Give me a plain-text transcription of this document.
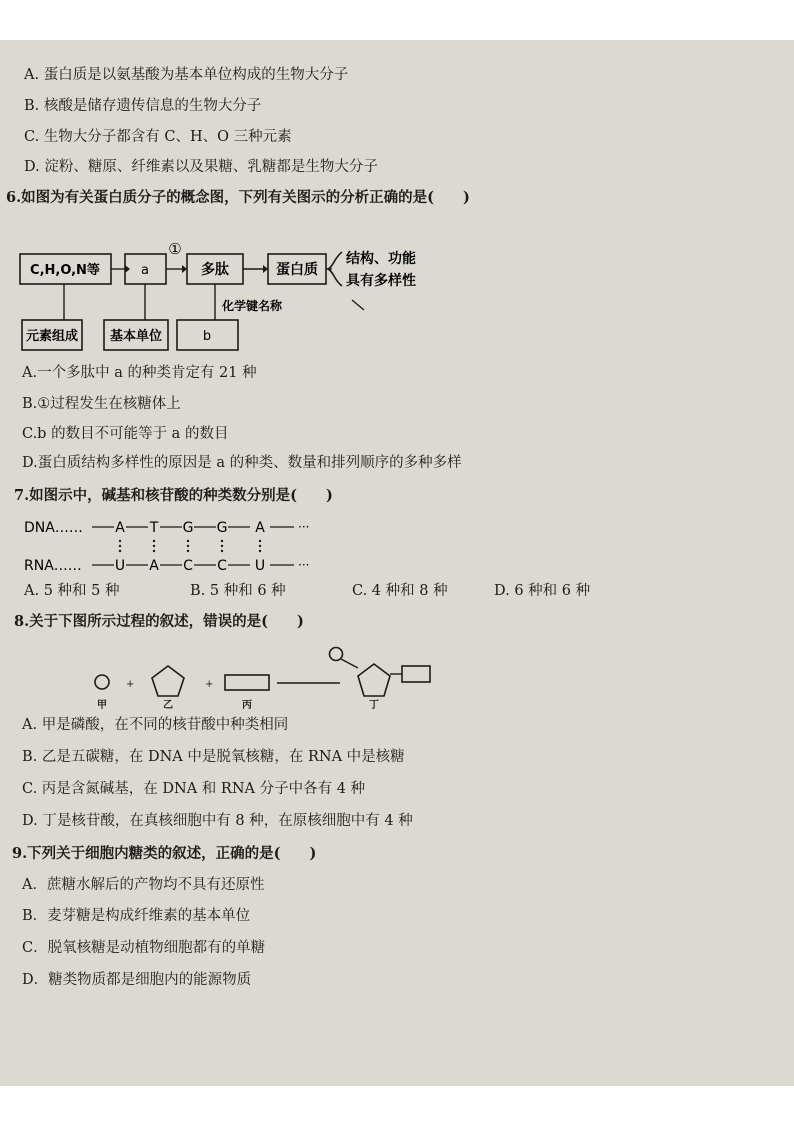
A. 蛋白质是以氨基酸为基本单位构成的生物大分子
B. 核酸是储存遗传信息的生物大分子
C. 生物大分子都含有 C、H、O 三种元素
D. 淀粉、糖原、纤维素以及果糖、乳糖都是生物大分子
6.如图为有关蛋白质分子的概念图，下列有关图示的分析正确的是(　　)
C,H,O,N等	a
①
多肽	蛋白质
结构、功能
具有多样性
化学键名称
元素组成 基本单位	b
A.一个多肽中 a 的种类肯定有 21 种
B.①过程发生在核糖体上
C.b 的数目不可能等于 a 的数目
D.蛋白质结构多样性的原因是 a 的种类、数量和排列顺序的多种多样
7.如图示中，碱基和核苷酸的种类数分别是(　　)
DNA……
RNA……
···
···
A T G G A
U A C C U
A. 5 种和 5 种	B. 5 种和 6 种	C. 4 种和 8 种	D. 6 种和 6 种
8.关于下图所示过程的叙述，错误的是(　　)
+	+
甲	乙	丙	丁
A. 甲是磷酸，在不同的核苷酸中种类相同
B. 乙是五碳糖，在 DNA 中是脱氧核糖，在 RNA 中是核糖
C. 丙是含氮碱基，在 DNA 和 RNA 分子中各有 4 种
D. 丁是核苷酸，在真核细胞中有 8 种，在原核细胞中有 4 种
9.下列关于细胞内糖类的叙述，正确的是(　　)
A．蔗糖水解后的产物均不具有还原性
B．麦芽糖是构成纤维素的基本单位
C．脱氧核糖是动植物细胞都有的单糖
D．糖类物质都是细胞内的能源物质
